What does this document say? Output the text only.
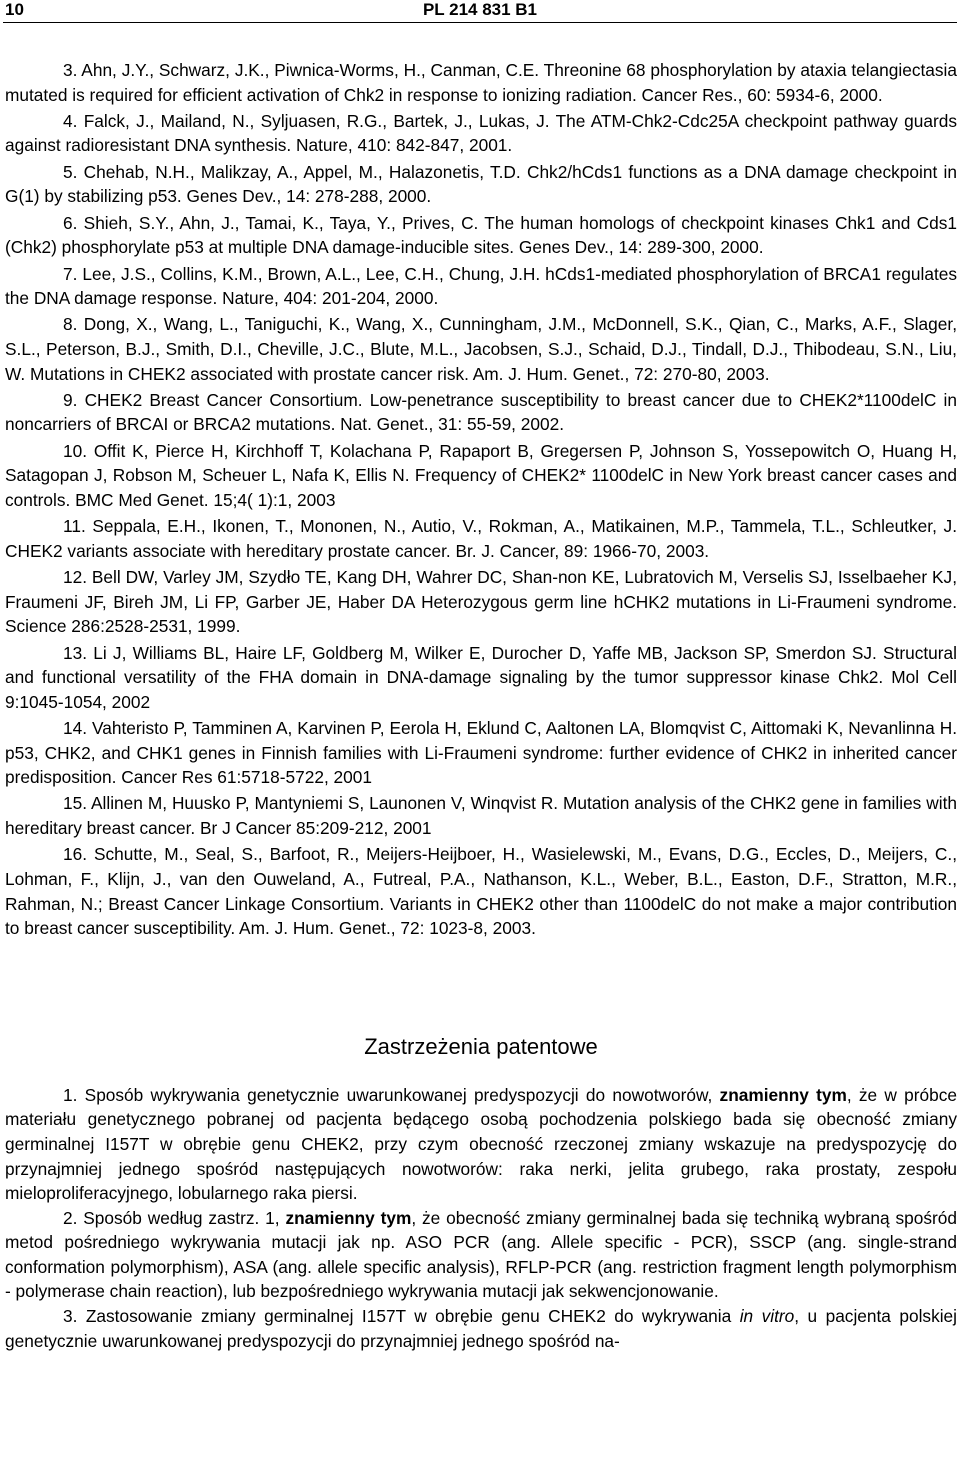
10	PL 214 831 B1

3. Ahn, J.Y., Schwarz, J.K., Piwnica-Worms, H., Canman, C.E. Threonine 68 phosphorylation by ataxia telangiectasia mutated is required for efficient activation of Chk2 in response to ionizing radiation. Cancer Res., 60: 5934-6, 2000.

4. Falck, J., Mailand, N., Syljuasen, R.G., Bartek, J., Lukas, J. The ATM-Chk2-Cdc25A checkpoint pathway guards against radioresistant DNA synthesis. Nature, 410: 842-847, 2001.

5. Chehab, N.H., Malikzay, A., Appel, M., Halazonetis, T.D. Chk2/hCds1 functions as a DNA damage checkpoint in G(1) by stabilizing p53. Genes Dev., 14: 278-288, 2000.

6. Shieh, S.Y., Ahn, J., Tamai, K., Taya, Y., Prives, C. The human homologs of checkpoint kinases Chk1 and Cds1 (Chk2) phosphorylate p53 at multiple DNA damage-inducible sites. Genes Dev., 14: 289-300, 2000.

7. Lee, J.S., Collins, K.M., Brown, A.L., Lee, C.H., Chung, J.H. hCds1-mediated phosphorylation of BRCA1 regulates the DNA damage response. Nature, 404: 201-204, 2000.

8. Dong, X., Wang, L., Taniguchi, K., Wang, X., Cunningham, J.M., McDonnell, S.K., Qian, C., Marks, A.F., Slager, S.L., Peterson, B.J., Smith, D.I., Cheville, J.C., Blute, M.L., Jacobsen, S.J., Schaid, D.J., Tindall, D.J., Thibodeau, S.N., Liu, W. Mutations in CHEK2 associated with prostate cancer risk. Am. J. Hum. Genet., 72: 270-80, 2003.

9. CHEK2 Breast Cancer Consortium. Low-penetrance susceptibility to breast cancer due to CHEK2*1100delC in noncarriers of BRCAI or BRCA2 mutations. Nat. Genet., 31: 55-59, 2002.

10. Offit K, Pierce H, Kirchhoff T, Kolachana P, Rapaport B, Gregersen P, Johnson S, Yossepowitch O, Huang H, Satagopan J, Robson M, Scheuer L, Nafa K, Ellis N. Frequency of CHEK2* 1100delC in New York breast cancer cases and controls. BMC Med Genet. 15;4( 1):1, 2003

11. Seppala, E.H., Ikonen, T., Mononen, N., Autio, V., Rokman, A., Matikainen, M.P., Tammela, T.L., Schleutker, J. CHEK2 variants associate with hereditary prostate cancer. Br. J. Cancer, 89: 1966-70, 2003.

12. Bell DW, Varley JM, Szydło TE, Kang DH, Wahrer DC, Shan-non KE, Lubratovich M, Verselis SJ, Isselbaeher KJ, Fraumeni JF, Bireh JM, Li FP, Garber JE, Haber DA Heterozygous germ line hCHK2 mutations in Li-Fraumeni syndrome. Science 286:2528-2531, 1999.

13. Li J, Williams BL, Haire LF, Goldberg M, Wilker E, Durocher D, Yaffe MB, Jackson SP, Smerdon SJ. Structural and functional versatility of the FHA domain in DNA-damage signaling by the tumor suppressor kinase Chk2. Mol Cell 9:1045-1054, 2002

14. Vahteristo P, Tamminen A, Karvinen P, Eerola H, Eklund C, Aaltonen LA, Blomqvist C, Aittomaki K, Nevanlinna H. p53, CHK2, and CHK1 genes in Finnish families with Li-Fraumeni syndrome: further evidence of CHK2 in inherited cancer predisposition. Cancer Res 61:5718-5722, 2001

15. Allinen M, Huusko P, Mantyniemi S, Launonen V, Winqvist R. Mutation analysis of the CHK2 gene in families with hereditary breast cancer. Br J Cancer 85:209-212, 2001

16. Schutte, M., Seal, S., Barfoot, R., Meijers-Heijboer, H., Wasielewski, M., Evans, D.G., Eccles, D., Meijers, C., Lohman, F., Klijn, J., van den Ouweland, A., Futreal, P.A., Nathanson, K.L., Weber, B.L., Easton, D.F., Stratton, M.R., Rahman, N.; Breast Cancer Linkage Consortium. Variants in CHEK2 other than 1100delC do not make a major contribution to breast cancer susceptibility. Am. J. Hum. Genet., 72: 1023-8, 2003.

Zastrzeżenia patentowe

1. Sposób wykrywania genetycznie uwarunkowanej predyspozycji do nowotworów, znamienny tym, że w próbce materiału genetycznego pobranej od pacjenta będącego osobą pochodzenia polskiego bada się obecność zmiany germinalnej I157T w obrębie genu CHEK2, przy czym obecność rzeczonej zmiany wskazuje na predyspozycję do przynajmniej jednego spośród następujących nowotworów: raka nerki, jelita grubego, raka prostaty, zespołu mieloproliferacyjnego, lobularnego raka piersi.

2. Sposób według zastrz. 1, znamienny tym, że obecność zmiany germinalnej bada się techniką wybraną spośród metod pośredniego wykrywania mutacji jak np. ASO PCR (ang. Allele specific - PCR), SSCP (ang. single-strand conformation polymorphism), ASA (ang. allele specific analysis), RFLP-PCR (ang. restriction fragment length polymorphism - polymerase chain reaction), lub bezpośredniego wykrywania mutacji jak sekwencjonowanie.

3. Zastosowanie zmiany germinalnej I157T w obrębie genu CHEK2 do wykrywania in vitro, u pacjenta polskiej genetycznie uwarunkowanej predyspozycji do przynajmniej jednego spośród na-
